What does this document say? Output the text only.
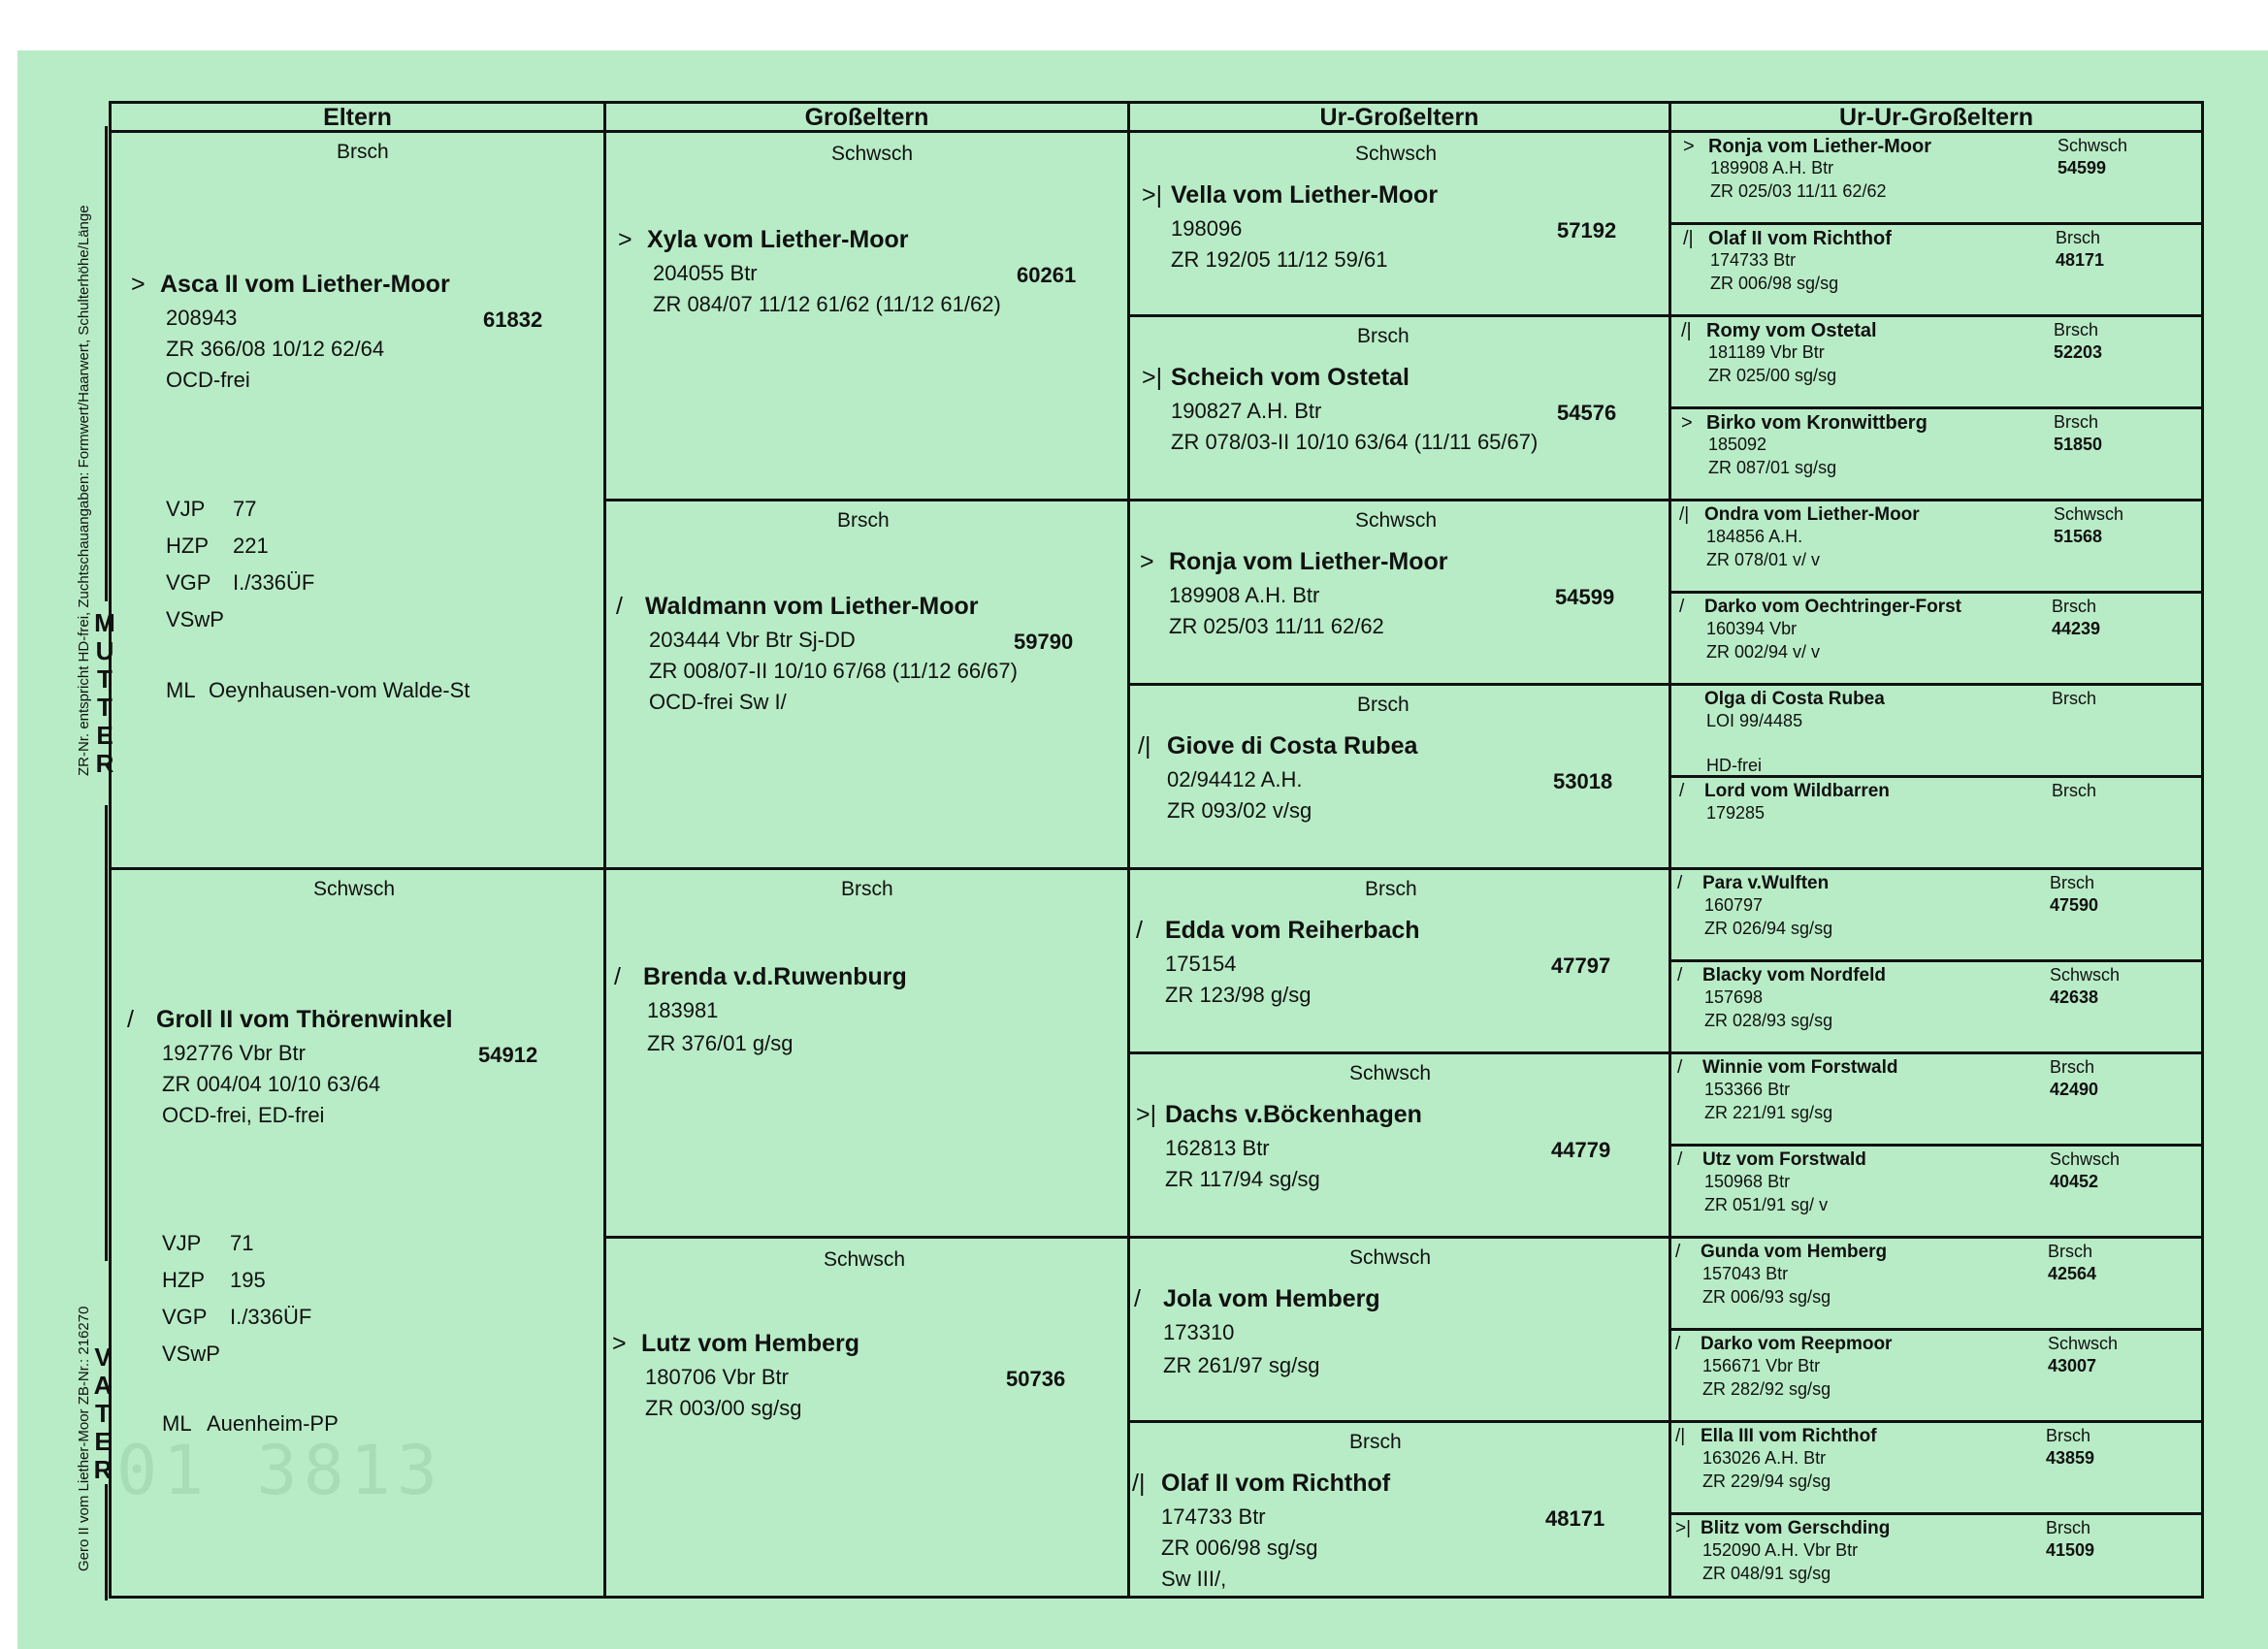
ZR-Nr. entspricht HD-frei, Zuchtschauangaben: Formwert/Haarwert, Schulterhöhe/Länge
Gero II vom Liether-Moor ZB-Nr.: 216270
M
U
T
T
E
R
V
A
T
E
R 01 3813
Eltern	Großeltern	Ur-Großeltern	Ur-Ur-Großeltern
Brsch
> Asca II vom Liether-Moor
208943	61832
ZR 366/08 10/12 62/64
OCD-frei
VJP 77
HZP 221
VGP I./336ÜF
VSwP
ML Oeynhausen-vom Walde-St
Schwsch
/ Groll II vom Thörenwinkel
192776 Vbr Btr	54912
ZR 004/04 10/10 63/64
OCD-frei, ED-frei
VJP 71
HZP 195
VGP I./336ÜF
VSwP
ML Auenheim-PP
Schwsch
> Xyla vom Liether-Moor
204055 Btr	60261
ZR 084/07 11/12 61/62 (11/12 61/62)
Brsch
/ Waldmann vom Liether-Moor
203444 Vbr Btr Sj-DD	59790
ZR 008/07-II 10/10 67/68 (11/12 66/67)
OCD-frei Sw I/
Brsch
/ Brenda v.d.Ruwenburg
183981
ZR 376/01 g/sg
Schwsch
> Lutz vom Hemberg
180706 Vbr Btr	50736
ZR 003/00 sg/sg
Schwsch
>| Vella vom Liether-Moor
198096	57192
ZR 192/05 11/12 59/61
Brsch
>| Scheich vom Ostetal
190827 A.H. Btr	54576
ZR 078/03-II 10/10 63/64 (11/11 65/67)
Schwsch
> Ronja vom Liether-Moor
189908 A.H. Btr	54599
ZR 025/03 11/11 62/62
Brsch
/| Giove di Costa Rubea
02/94412 A.H.	53018
ZR 093/02 v/sg
Brsch
/ Edda vom Reiherbach
175154	47797
ZR 123/98 g/sg
Schwsch
>| Dachs v.Böckenhagen
162813 Btr	44779
ZR 117/94 sg/sg
Schwsch
/ Jola vom Hemberg
173310
ZR 261/97 sg/sg
Brsch
/| Olaf II vom Richthof
174733 Btr	48171
ZR 006/98 sg/sg
Sw III/,
> Ronja vom Liether-Moor	Schwsch
189908 A.H. Btr	54599
ZR 025/03 11/11 62/62
/| Olaf II vom Richthof	Brsch
174733 Btr	48171
ZR 006/98 sg/sg
/| Romy vom Ostetal	Brsch
181189 Vbr Btr	52203
ZR 025/00 sg/sg
> Birko vom Kronwittberg	Brsch
185092	51850
ZR 087/01 sg/sg
/| Ondra vom Liether-Moor	Schwsch
184856 A.H.	51568
ZR 078/01 v/ v
/ Darko vom Oechtringer-Forst	Brsch
160394 Vbr	44239
ZR 002/94 v/ v
Olga di Costa Rubea	Brsch
LOI 99/4485
HD-frei
/ Lord vom Wildbarren	Brsch
179285
/ Para v.Wulften	Brsch
160797	47590
ZR 026/94 sg/sg
/ Blacky vom Nordfeld	Schwsch
157698	42638
ZR 028/93 sg/sg
/ Winnie vom Forstwald	Brsch
153366 Btr	42490
ZR 221/91 sg/sg
/ Utz vom Forstwald	Schwsch
150968 Btr	40452
ZR 051/91 sg/ v
/ Gunda vom Hemberg	Brsch
157043 Btr	42564
ZR 006/93 sg/sg
/ Darko vom Reepmoor	Schwsch
156671 Vbr Btr	43007
ZR 282/92 sg/sg
/| Ella III vom Richthof	Brsch
163026 A.H. Btr	43859
ZR 229/94 sg/sg
>| Blitz vom Gerschding	Brsch
152090 A.H. Vbr Btr	41509
ZR 048/91 sg/sg
